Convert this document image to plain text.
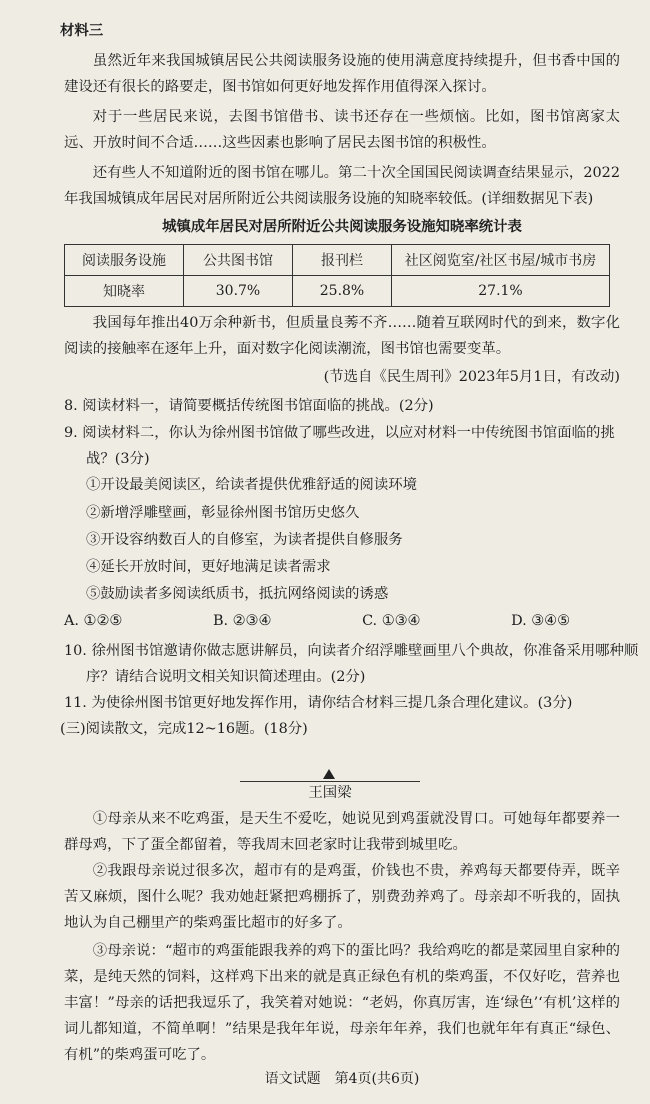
材料三

虽然近年来我国城镇居民公共阅读服务设施的使用满意度持续提升，但书香中国的建设还有很长的路要走，图书馆如何更好地发挥作用值得深入探讨。

对于一些居民来说，去图书馆借书、读书还存在一些烦恼。比如，图书馆离家太远、开放时间不合适……这些因素也影响了居民去图书馆的积极性。

还有些人不知道附近的图书馆在哪儿。第二十次全国国民阅读调查结果显示，2022年我国城镇成年居民对居所附近公共阅读服务设施的知晓率较低。(详细数据见下表)

城镇成年居民对居所附近公共阅读服务设施知晓率统计表

阅读服务设施	公共图书馆	报刊栏	社区阅览室/社区书屋/城市书房
知晓率	30.7%	25.8%	27.1%

我国每年推出40万余种新书，但质量良莠不齐……随着互联网时代的到来，数字化阅读的接触率在逐年上升，面对数字化阅读潮流，图书馆也需要变革。

(节选自《民生周刊》2023年5月1日，有改动)

8. 阅读材料一，请简要概括传统图书馆面临的挑战。(2分)

9. 阅读材料二，你认为徐州图书馆做了哪些改进，以应对材料一中传统图书馆面临的挑战？(3分)

①开设最美阅读区，给读者提供优雅舒适的阅读环境

②新增浮雕壁画，彰显徐州图书馆历史悠久

③开设容纳数百人的自修室，为读者提供自修服务

④延长开放时间，更好地满足读者需求

⑤鼓励读者多阅读纸质书，抵抗网络阅读的诱惑

A. ①②⑤	B. ②③④	C. ①③④	D. ③④⑤

10. 徐州图书馆邀请你做志愿讲解员，向读者介绍浮雕壁画里八个典故，你准备采用哪种顺序？请结合说明文相关知识简述理由。(2分)

11. 为使徐州图书馆更好地发挥作用，请你结合材料三提几条合理化建议。(3分)

(三)阅读散文，完成12~16题。(18分)

王国梁

①母亲从来不吃鸡蛋，是天生不爱吃，她说见到鸡蛋就没胃口。可她每年都要养一群母鸡，下了蛋全都留着，等我周末回老家时让我带到城里吃。

②我跟母亲说过很多次，超市有的是鸡蛋，价钱也不贵，养鸡每天都要侍弄，既辛苦又麻烦，图什么呢？我劝她赶紧把鸡棚拆了，别费劲养鸡了。母亲却不听我的，固执地认为自己棚里产的柴鸡蛋比超市的好多了。

③母亲说：“超市的鸡蛋能跟我养的鸡下的蛋比吗？我给鸡吃的都是菜园里自家种的菜，是纯天然的饲料，这样鸡下出来的就是真正绿色有机的柴鸡蛋，不仅好吃，营养也丰富！”母亲的话把我逗乐了，我笑着对她说：“老妈，你真厉害，连‘绿色’‘有机’这样的词儿都知道，不简单啊！”结果是我年年说，母亲年年养，我们也就年年有真正“绿色、有机”的柴鸡蛋可吃了。

语文试题　第4页(共6页)
